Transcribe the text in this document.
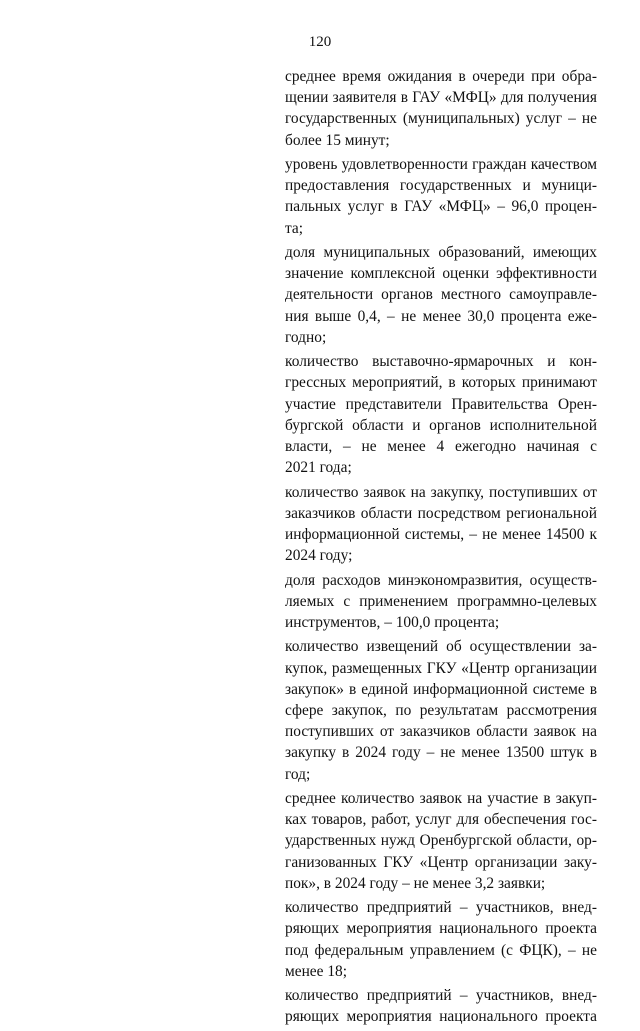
120
среднее время ожидания в очереди при обра-
щении заявителя в ГАУ «МФЦ» для получения
государственных (муниципальных) услуг – не
более 15 минут;
уровень удовлетворенности граждан качеством
предоставления государственных и муници-
пальных услуг в ГАУ «МФЦ» – 96,0 процен-
та;
доля муниципальных образований, имеющих
значение комплексной оценки эффективности
деятельности органов местного самоуправле-
ния выше 0,4, – не менее 30,0 процента еже-
годно;
количество выставочно-ярмарочных и кон-
грессных мероприятий, в которых принимают
участие представители Правительства Орен-
бургской области и органов исполнительной
власти, – не менее 4 ежегодно начиная с
2021 года;
количество заявок на закупку, поступивших от
заказчиков области посредством региональной
информационной системы, – не менее 14500 к
2024 году;
доля расходов минэкономразвития, осуществ-
ляемых с применением программно-целевых
инструментов, – 100,0 процента;
количество извещений об осуществлении за-
купок, размещенных ГКУ «Центр организации
закупок» в единой информационной системе в
сфере закупок, по результатам рассмотрения
поступивших от заказчиков области заявок на
закупку в 2024 году – не менее 13500 штук в
год;
среднее количество заявок на участие в закуп-
ках товаров, работ, услуг для обеспечения гос-
ударственных нужд Оренбургской области, ор-
ганизованных ГКУ «Центр организации заку-
пок», в 2024 году – не менее 3,2 заявки;
количество предприятий – участников, внед-
ряющих мероприятия национального проекта
под федеральным управлением (с ФЦК), – не
менее 18;
количество предприятий – участников, внед-
ряющих мероприятия национального проекта
